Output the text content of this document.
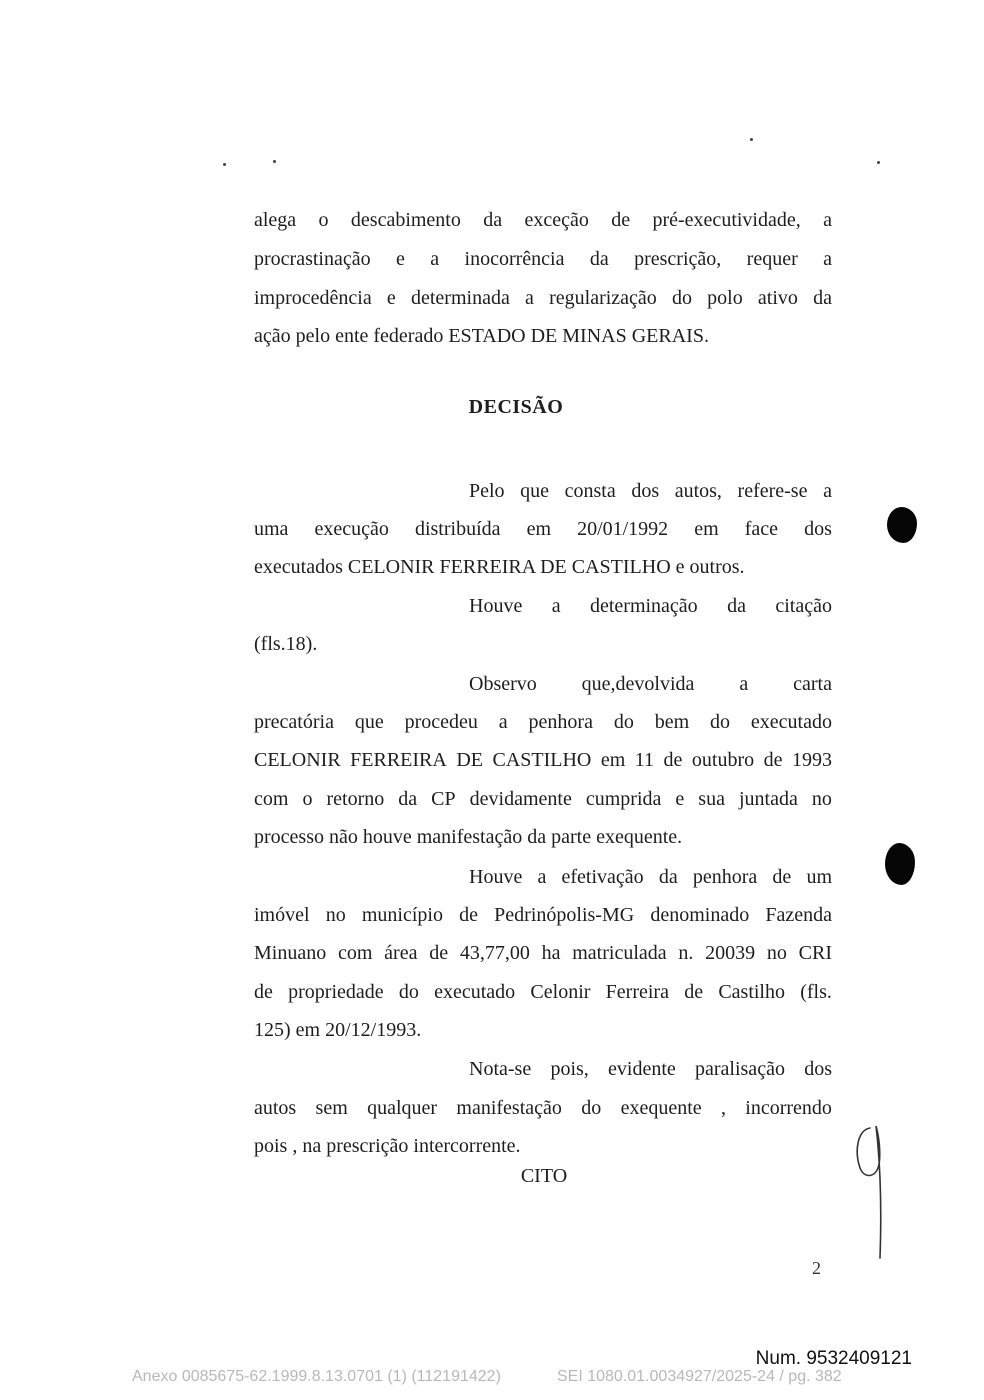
alega o descabimento da exceção de pré-executividade, a
procrastinação e a inocorrência da prescrição, requer a
improcedência e determinada a regularização do polo ativo da
ação pelo ente federado ESTADO DE MINAS GERAIS.
Pelo que consta dos autos, refere-se a
uma execução distribuída em 20/01/1992 em face dos
executados CELONIR FERREIRA DE CASTILHO e outros.
Houve a determinação da citação
(fls.18).
Observo que,devolvida a carta
precatória que procedeu a penhora do bem do executado
CELONIR FERREIRA DE CASTILHO em 11 de outubro de 1993
com o retorno da CP devidamente cumprida e sua juntada no
processo não houve manifestação da parte exequente.
Houve a efetivação da penhora de um
imóvel no município de Pedrinópolis-MG denominado Fazenda
Minuano com área de 43,77,00 ha matriculada n. 20039 no CRI
de propriedade do executado Celonir Ferreira de Castilho (fls.
125) em 20/12/1993.
Nota-se pois, evidente paralisação dos
autos sem qualquer manifestação do exequente , incorrendo
pois , na prescrição intercorrente.
DECISÃO
CITO
2
Num. 9532409121
Anexo 0085675-62.1999.8.13.0701 (1) (112191422)	SEI 1080.01.0034927/2025-24 / pg. 382
